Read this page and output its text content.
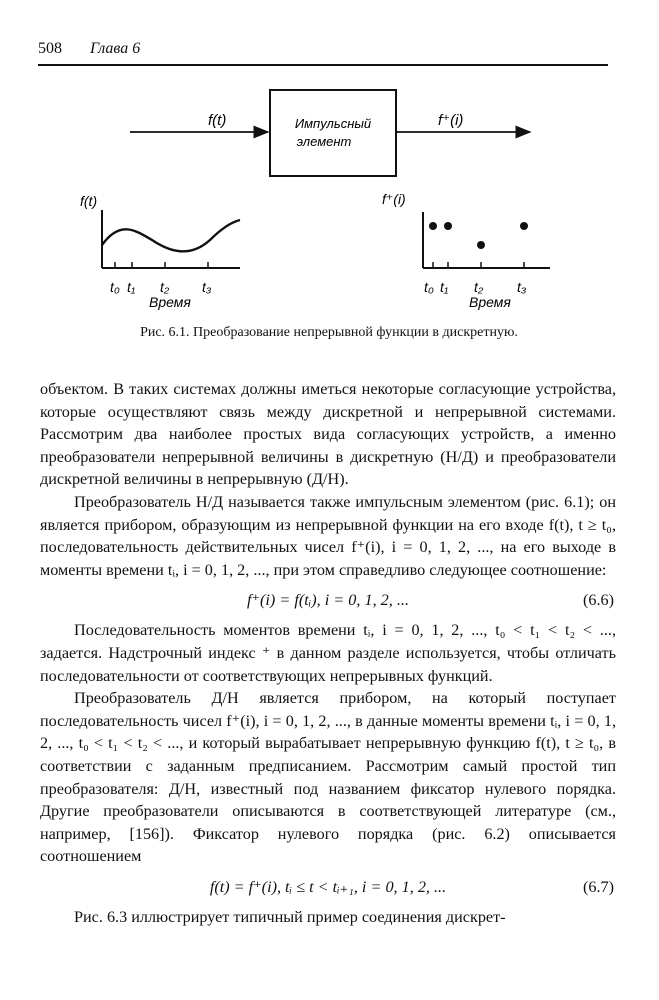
508 Глава 6
f(t)	Импульсный
элемент
f⁺(i)
f(t)
t₀ t₁ t₂ t₃
Время
f⁺(i)
t₀ t₁ t₂ t₃
Время
Рис. 6.1. Преобразование непрерывной функции в дискретную.

объектом. В таких системах должны иметься некоторые согласующие устройства, которые осуществляют связь между дискретной и непрерывной системами. Рассмотрим два наиболее простых вида согласующих устройств, а именно преобразователи непрерывной величины в дискретную (Н/Д) и преобразователи дискретной величины в непрерывную (Д/Н).

Преобразователь Н/Д называется также импульсным элементом (рис. 6.1); он является прибором, образующим из непрерывной функции на его входе f(t), t ≥ t₀, последовательность действительных чисел f⁺(i), i = 0, 1, 2, ..., на его выходе в моменты времени tᵢ, i = 0, 1, 2, ..., при этом справедливо следующее соотношение:

f⁺(i) = f(tᵢ), i = 0, 1, 2, ...	(6.6)

Последовательность моментов времени tᵢ, i = 0, 1, 2, ..., t₀ < t₁ < t₂ < ..., задается. Надстрочный индекс ⁺ в данном разделе используется, чтобы отличать последовательности от соответствующих непрерывных функций.

Преобразователь Д/Н является прибором, на который поступает последовательность чисел f⁺(i), i = 0, 1, 2, ..., в данные моменты времени tᵢ, i = 0, 1, 2, ..., t₀ < t₁ < t₂ < ..., и который вырабатывает непрерывную функцию f(t), t ≥ t₀, в соответствии с заданным предписанием. Рассмотрим самый простой тип преобразователя: Д/Н, известный под названием фиксатор нулевого порядка. Другие преобразователи описываются в соответствующей литературе (см., например, [156]). Фиксатор нулевого порядка (рис. 6.2) описывается соотношением

f(t) = f⁺(i), tᵢ ≤ t < tᵢ₊₁, i = 0, 1, 2, ...	(6.7)

Рис. 6.3 иллюстрирует типичный пример соединения дискрет-
